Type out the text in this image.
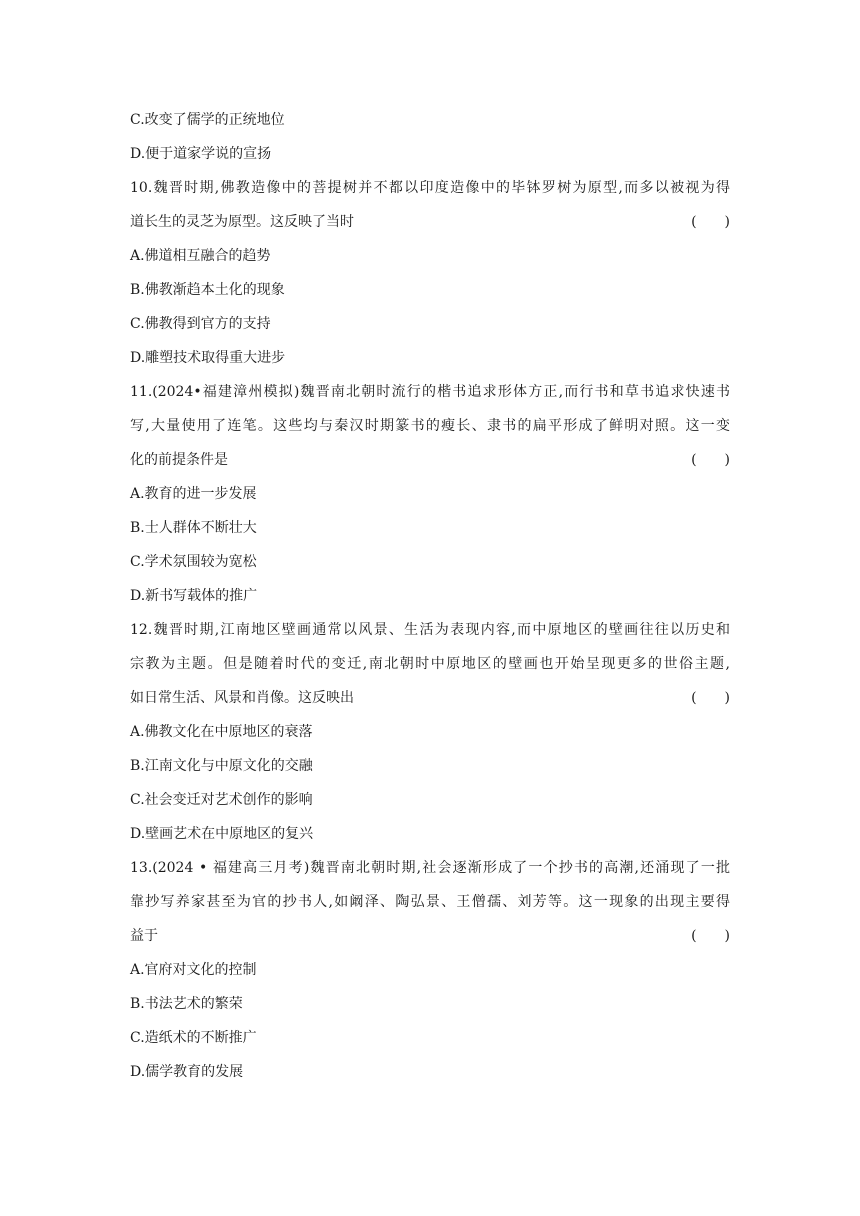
C.改变了儒学的正统地位
D.便于道家学说的宣扬
10.魏晋时期,佛教造像中的菩提树并不都以印度造像中的毕钵罗树为原型,而多以被视为得
道长生的灵芝为原型。这反映了当时	(　　)
A.佛道相互融合的趋势
B.佛教渐趋本土化的现象
C.佛教得到官方的支持
D.雕塑技术取得重大进步
11.(2024•福建漳州模拟)魏晋南北朝时流行的楷书追求形体方正,而行书和草书追求快速书
写,大量使用了连笔。这些均与秦汉时期篆书的瘦长、隶书的扁平形成了鲜明对照。这一变
化的前提条件是	(　　)
A.教育的进一步发展
B.士人群体不断壮大
C.学术氛围较为宽松
D.新书写载体的推广
12.魏晋时期,江南地区壁画通常以风景、生活为表现内容,而中原地区的壁画往往以历史和
宗教为主题。但是随着时代的变迁,南北朝时中原地区的壁画也开始呈现更多的世俗主题,
如日常生活、风景和肖像。这反映出	(　　)
A.佛教文化在中原地区的衰落
B.江南文化与中原文化的交融
C.社会变迁对艺术创作的影响
D.壁画艺术在中原地区的复兴
13.(2024 • 福建高三月考)魏晋南北朝时期,社会逐渐形成了一个抄书的高潮,还涌现了一批
靠抄写养家甚至为官的抄书人,如阚泽、陶弘景、王僧孺、刘芳等。这一现象的出现主要得
益于	(　　)
A.官府对文化的控制
B.书法艺术的繁荣
C.造纸术的不断推广
D.儒学教育的发展
